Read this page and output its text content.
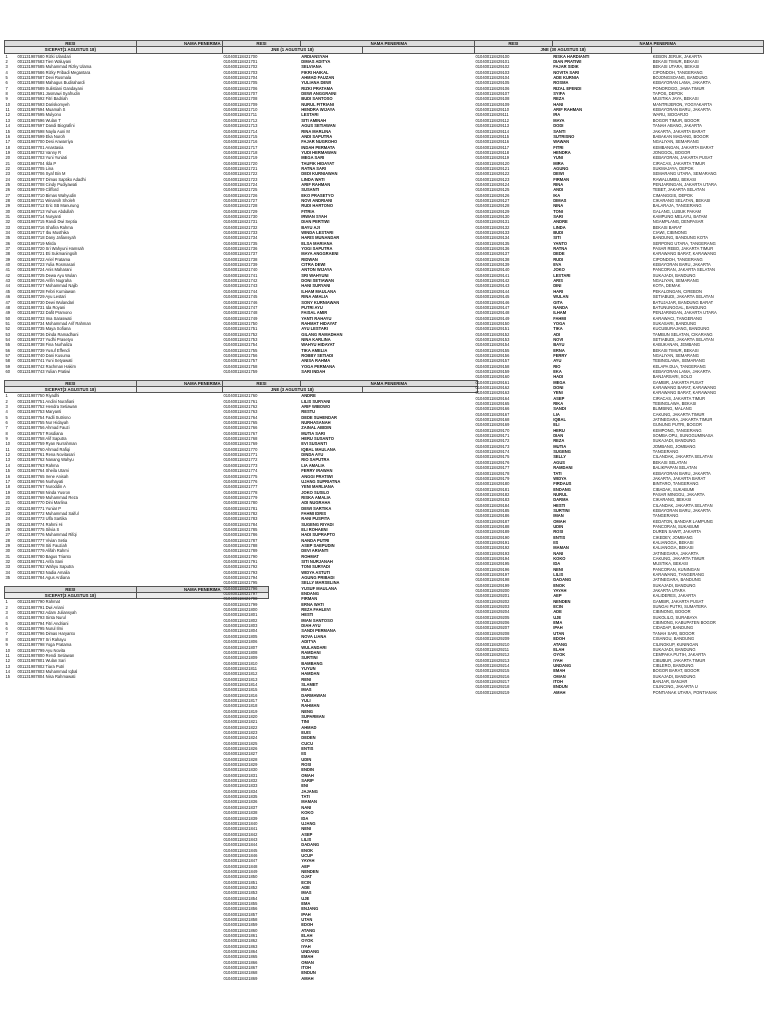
RESI		NAMA PENERIMA
SICEPAT(1 AGUSTUS 18)		
1	001131987680 Rizki Ulandari	
2	001131987683 Tien Waluyani	
3	001131987685 Muhammad Rizky Ulama	
4	001131987686 Rizky Pribadi Megantara	
5	001131987687 Devi Rusmala	
6	001131987688 Mahagus Budirahardi	
7	001131987689 Sulistiani Gandayani	
8	001131987691 Jasmawi Syafrudin	
9	001131987692 Fitri Badriah	
10	001131987693 Dariskomyeh	
11	001131987694 Muamah S	
12	001131987695 Mulyono	
13	001131987696 Wulan T	
14	001131987697 Dandi Biografini	
15	001131987698 Nayla Auni M	
16	001131987699 Eka Nuroh	
17	001131987700 Desi Anwarriya	
18	001131987701 Anastasia	
19	001131987702 Vanny R	
20	001131987703 Yuni Yuniati	
21	001131987704 Ilda P	
22	001131987705 Lina	
23	001131987706 Syaf Bin M	
24	001131987707 Dimas Saptiko Adadhi	
25	001131987708 Cindy Pudiyawati	
26	001131987709 Clifford	
27	001131987710 Bimas Wahyudin	
28	001131987711 Winarsih Sholeh	
29	001131987712 Eric SB Manurung	
30	001131987713 Yuhus Abdullah	
31	001131987714 Nuryanti	
32	001131987715 Randi Dwi Septia	
33	001131987716 Shafira Rahma	
34	001131987717 Ibu Musthika	
35	001131987718 Dany Jafiansyah	
36	001131987719 Mirda	
37	001131987720 Sri Wahyuni Hamsah	
38	001131987721 Eti Sukmaningsih	
39	001131987722 Ariel Pratama	
40	001131987723 Yulia Rosmasari	
41	001131987724 Anis Maharani	
42	001131987725 Dewa Ayu Wulan	
43	001131987726 Arifin Nugraha	
44	001131987727 Mohammad Najib	
45	001131987728 Febri Kurniawan	
46	001131987729 Ayu Lestari	
47	001131987730 Dewi Wulandari	
48	001131987731 Ida Royani	
49	001131987732 Dafit Pramono	
50	001131987733 Ima Saraswati	
51	001131987734 Mohammad Arif Rahman	
52	001131987735 Maya Sofiana	
53	001131987736 Dinda Ramadhani	
54	001131987737 Yudhi Prasetyo	
55	001131987738 Fina Nurhaliza	
56	001131987739 Yusuf Effendi	
57	001131987740 Dani Kusuma	
58	001131987741 Yuni Setyawati	
59	001131987742 Rachman Hakim	
60	001131987743 Yulian Pratiwi	

RESI		NAMA PENERIMA
SICEPAT(3 AGUSTUS 18)		
1	001131987750 Riyadhi	
2	001131987751 Andini Nurafiani	
3	001131987752 Hendra Setiawan	
4	001131987753 Maryanti	
5	001131987754 Fadli Sutrisno	
6	001131987755 Nur Hidayah	
7	001131987756 Ahmad Fauzi	
8	001131987757 Rosdiana	
9	001131987758 Alif Saputra	
10	001131987759 Ryan Nurrahman	
11	001131987760 Ahmad Rafiqi	
12	001131987761 Rena Novitasari	
13	001131987762 Nanang Wahyu	
14	001131987763 Rahma	
15	001131987764 Sheila Utami	
16	001131987765 Irene Anisah	
17	001131987766 Nurhayati	
18	001131987767 Nuroddin A	
19	001131987768 Ninda Yusron	
20	001131987769 Muhammad Reza	
21	001131987770 Dini Marlina	
22	001131987771 Yuniar P	
23	001131987772 Muhammad Saiful	
24	001131987773 Ulfa Sartika	
25	001131987774 Rahmi Hi	
26	001131987775 Silvia S	
27	001131987776 Muhammad Rifqi	
28	001131987777 Vivian Setia	
29	001131987778 Siti Fauziah	
30	001131987779 Alifah Rahmi	
31	001131987780 Bagus Trianto	
32	001131987781 Arifa Sani	
33	001131987782 Wahyu Saputra	
34	001131987783 Nadia Amalia	
35	001131987784 Agus Ardiana	

RESI		NAMA PENERIMA
SICEPAT(3 AGUSTUS 18)		
1	001131987790 Rahmat	
2	001131987791 Dwi Ariani	
3	001131987792 Adam Juliansyah	
4	001131987793 Sinta Nurul	
5	001131987794 Fitri Andriani	
6	001131987795 Nurul Ilmi	
7	001131987796 Dimas Haryanto	
8	001131987797 Sri Rahayu	
9	001131987798 Yoga Pratama	
10	001131987799 Ayu Novita	
11	001131987800 Rendi Setiawan	
12	001131987801 Wulan Sari	
13	001131987802 Tiara Putri	
14	001131987803 Muhammad Iqbal	
15	001131987804 Nisa Rahmawati	
RESI	NAMA PENERIMA	
JNE (1 AGUSTUS 18)		
010400118421700	ARDIANSYAH	
010400118421701	DIMAS ADITYA	
010400118421702	SELVIANA	
010400118421703	FIKRI HAIKAL	
010400118421704	AHMAD FAUZAN	
010400118421705	YULIANA DEWI	
010400118421706	RIZKI PRATAMA	
010400118421707	DEWI ANGGRAINI	
010400118421708	BUDI SANTOSO	
010400118421709	NURUL FITRIANI	
010400118421710	HENDRA WIJAYA	
010400118421711	LESTARI	
010400118421712	SITI AMINAH	
010400118421713	AGUS SETIAWAN	
010400118421714	RINA MARLINA	
010400118421715	ANDI SAPUTRA	
010400118421716	FAJAR NUGROHO	
010400118421717	INDAH PERMATA	
010400118421718	YUDI HERMAWAN	
010400118421719	MEGA SARI	
010400118421720	TAUFIK HIDAYAT	
010400118421721	RATNA SARI	
010400118421722	DEDI KURNIAWAN	
010400118421723	LINDA WATI	
010400118421724	ARIF RAHMAN	
010400118421725	SUSANTI	
010400118421726	EKO PRASETYO	
010400118421727	NOVI ANDRIANI	
010400118421728	RUDI HARTONO	
010400118421729	FITRIA	
010400118421730	IRWAN SYAH	
010400118421731	DIAN PERTIWI	
010400118421732	BAYU AJI	
010400118421733	WINDA LESTARI	
010400118421734	HARIS MUNANDAR	
010400118421735	ELSA MARIANA	
010400118421736	YOGI SAPUTRA	
010400118421737	MAYA ANGGRAENI	
010400118421738	RIDWAN	
010400118421739	CITRA DEWI	
010400118421740	ANTON WIJAYA	
010400118421741	SRI WAHYUNI	
010400118421742	DONI SETIAWAN	
010400118421743	HANI SURYANI	
010400118421744	ILHAM MAULANA	
010400118421745	RINA AMALIA	
010400118421746	SONY KURNIAWAN	
010400118421747	PUTRI AYU	
010400118421748	FAISAL AMIR	
010400118421749	YANTI RAHAYU	
010400118421750	RAHMAT HIDAYAT	
010400118421751	AYU LESTARI	
010400118421752	GILANG RAMADHAN	
010400118421753	NINA KARLINA	
010400118421754	WAHYU HIDAYAT	
010400118421755	TIKA AMELIA	
010400118421756	ROBBY SETIADI	
010400118421757	ANISA RAHMA	
010400118421758	YOGA PERMANA	
010400118421759	SARI INDAH	

RESI	NAMA PENERIMA	
JNE (3 AGUSTUS 18)		
010400118421760	ANDRE	
010400118421761	LILIS SURYANI	
010400118421762	ARIF WIBOWO	
010400118421763	RESTU	
010400118421764	DEDE SUHENDAR	
010400118421765	NURHASANAH	
010400118421766	ZAINAL ABIDIN	
010400118421767	MUTIA SARI	
010400118421768	HERU SUSANTO	
010400118421769	EVI SUSANTI	
010400118421770	IQBAL MAULANA	
010400118421771	DINDA AYU	
010400118421772	RIO SAPUTRA	
010400118421773	LIA AMALIA	
010400118421774	FERRY IRAWAN	
010400118421775	ANGGI PRATIWI	
010400118421776	UJANG SUPRIATNA	
010400118421777	YENI MARLIANA	
010400118421778	JOKO SUSILO	
010400118421779	RISKA AMALIA	
010400118421780	ADI NUGRAHA	
010400118421781	DEWI SARTIKA	
010400118421782	FAHMI IDRIS	
010400118421783	RANI PUSPITA	
010400118421784	SUGENG RIYADI	
010400118421785	ELI ROHAENI	
010400118421786	HADI SUPRAPTO	
010400118421787	NANDA PUTRI	
010400118421788	ASEP SAEPUDIN	
010400118421789	DEVI ARIANTI	
010400118421790	ROHMAT	
010400118421791	SITI NURJANAH	
010400118421792	TONI SURYADI	
010400118421793	WIDYA ASTUTI	
010400118421794	AGUNG PRIBADI	
010400118421795	SELLY MARSELINA	
010400118421796	YUSUF MAULANA	
010400118421797	ENDANG	
010400118421798	FIRMAN	
010400118421799	ERNA WATI	
010400118421800	REZA FAHLEVI	
010400118421801	HESTI	
010400118421802	IMAN SANTOSO	
010400118421803	DIAH AYU	
010400118421804	SANDI PERMANA	
010400118421805	NOVA LIANA	
010400118421806	ADITYA	
010400118421807	WULANDARI	
010400118421808	RAMDANI	
010400118421809	SURTINI	
010400118421810	BAMBANG	
010400118421811	YUYUN	
010400118421812	HAMDAN	
010400118421813	RENI	
010400118421814	SLAMET	
010400118421815	IMAS	
010400118421816	DARMAWAN	
010400118421817	YULI	
010400118421818	RAHMAN	
010400118421819	NENG	
010400118421820	SUPARMAN	
010400118421821	TINI	
010400118421822	AHMAD	
010400118421823	EUIS	
010400118421824	DEDEN	
010400118421825	CUCU	
010400118421826	ENTIS	
010400118421827	IIS	
010400118421828	UDIN	
010400118421829	ROSI	
010400118421830	ENDIN	
010400118421831	OMAH	
010400118421832	SARIP	
010400118421833	ENI	
010400118421834	JAJANG	
010400118421835	TATI	
010400118421836	MAMAN	
010400118421837	NANI	
010400118421838	KOKO	
010400118421839	IDA	
010400118421840	UJANG	
010400118421841	NENI	
010400118421842	ASEP	
010400118421843	LILIS	
010400118421844	DADANG	
010400118421845	ENOK	
010400118421846	UCUP	
010400118421847	YAYAH	
010400118421848	AEP	
010400118421849	NENDEN	
010400118421850	OJAT	
010400118421851	ECIN	
010400118421852	ADE	
010400118421853	IMAS	
010400118421854	UJE	
010400118421855	EMA	
010400118421856	ENJANG	
010400118421857	IPAH	
010400118421858	UTAN	
010400118421859	EDOH	
010400118421860	ATANG	
010400118421861	ELAH	
010400118421862	OYOK	
010400118421863	IYAH	
010400118421864	UNDANG	
010400118421865	EMAH	
010400118421866	OMAN	
010400118421867	ITOH	
010400118421868	ENDUN	
010400118421869	AMAH	
RESI	NAMA PENERIMA	
JNE (30 AGUSTUS 18)		
010400118429100	RISKA HARDIANTI	KEBON JERUK, JAKARTA
010400118429101	DIAN PRATIWI	BEKASI TIMUR, BEKASI
010400118429102	FAJAR SIDIK	BEKASI UTARA, BEKASI
010400118429103	NOVITA SARI	CIPONDOH, TANGERANG
010400118429104	ADE KURNIA	BOJONGSOANG, BANDUNG
010400118429105	ROSMA	KEBAYORAN LAMA, JAKARTA
010400118429106	RIZAL EFENDI	PONOROGO, JAWA TIMUR
010400118429107	SYIFA	TAPOS, DEPOK
010400118429108	REZA	MUSTIKA JAYA, BEKASI
010400118429109	HANI	MANTRIJERON, YOGYAKARTA
010400118429110	ARIF RAHMAN	KEBAYORAN BARU, JAKARTA
010400118429111	IRA	WARU, SIDOARJO
010400118429112	MAYA	BOGOR TIMUR, BOGOR
010400118429113	DODI	TANAH ABANG, JAKARTA
010400118429114	SANTI	JAKARTA, JAKARTA BARAT
010400118429115	SUTRISNO	BABAKAN MADANG, BOGOR
010400118429116	WAWAN	NGALIYAN, SEMARANG
010400118429117	FITRI	KEMBANGAN, JAKARTA BARAT
010400118429118	HENDRA	JONGGOL, BOGOR
010400118429119	YUNI	KEBAYORAN, JAKARTA PUSAT
010400118429120	MIRA	CIRACAS, JAKARTA TIMUR
010400118429121	AGUNG	SUKMAJAYA, DEPOK
010400118429122	DEWI	SEMARANG UTARA, SEMARANG
010400118429123	FIRMAN	RAWALUMBU, BEKASI
010400118429124	RINA	PENJARINGAN, JAKARTA UTARA
010400118429125	ANDI	TEBET, JAKARTA SELATAN
010400118429126	IKA	CIMANGGIS, DEPOK
010400118429127	DIMAS	CIKARANG SELATAN, BEKASI
010400118429128	NINA	BALARAJA, TANGERANG
010400118429129	TONI	GALANG, LUBUK PAKAM
010400118429130	SARI	KAMPUNG MELAYU, BATAM
010400118429131	ANDRE	NGAMPLANG, DENPASAR
010400118429132	LINDA	BEKASI BARAT
010400118429133	BUDI	CIAWI, CIBINONG
010400118429134	SITI	BANDUNG, BANDUNG KOTA
010400118429135	YANTO	SERPONG UTARA, TANGERANG
010400118429136	RATNA	PASAR REBO, JAKARTA TIMUR
010400118429137	DEDE	KARAWANG BARAT, KARAWANG
010400118429138	RUDI	CIPONDOH, TANGERANG
010400118429139	EVA	KEBAYORAN BARU, JAKARTA
010400118429140	JOKO	PANCORAN, JAKARTA SELATAN
010400118429141	LESTARI	SUKAJADI, BANDUNG
010400118429142	ARIS	NGALIYAN, SEMARANG
010400118429143	DINI	KOTA, DEMAK
010400118429144	HARI	PEKALONGAN, CIREBON
010400118429145	WULAN	SETIABUDI, JAKARTA SELATAN
010400118429146	GITA	BATUJAJAR, BANDUNG BARAT
010400118429147	NANDA	BATUNUNGGAL, BANDUNG
010400118429148	ILHAM	PENJARINGAN, JAKARTA UTARA
010400118429149	FAHMI	KARAWACI, TANGERANG
010400118429150	YOGA	SUKASARI, BANDUNG
010400118429151	TIKA	KUCUBURAJANG, BANDUNG
010400118429152	ADI	TAMBUN SELATAN, CIKARANG
010400118429153	NOVI	SETIABUDI, JAKARTA SELATAN
010400118429154	BAYU	KABUKANAN, JEMBANG
010400118429155	ERNA	BEKASI TIMUR, BEKASI
010400118429156	FERRY	NGALIYAN, SEMARANG
010400118429157	AYU	TEBINGLAWA, SEMARANG
010400118429158	RIO	KELAPA DUA, TANGERANG
010400118429159	EKA	KEBAYORAN LAMA, JAKARTA
010400118429160	HADI	BANJARSARI, SOLO
010400118429161	MEGA	GAMBIR, JAKARTA PUSAT
010400118429162	DONI	KARAWANG BARAT, KARAWANG
010400118429163	YENI	KARAWANG BARAT, KARAWANG
010400118429164	ASEP	CIRACAS, JAKARTA TIMUR
010400118429165	RIKA	TEBINGLAWA, BEKASI
010400118429166	SANDI	BLIMBING, MALANG
010400118429167	LIA	CAKUNG, JAKARTA TIMUR
010400118429168	IQBAL	JATINEGARA, JAKARTA TIMUR
010400118429169	ELI	GUNUNG PUTRI, BOGOR
010400118429170	HERU	KEMPONG, TANGERANG
010400118429171	DIAN	SOMBA OPU, SUNGGUMINASA
010400118429172	REZA	SUKAJADI, BANDUNG
010400118429173	MUTIA	JOMBANG, JOMBANG
010400118429174	SUGENG	TANGERANG
010400118429175	SELLY	CILANDAK, JAKARTA SELATAN
010400118429176	AGUS	BEKASI SELATAN
010400118429177	RAMDANI	BALIKPAPAN SELATAN
010400118429178	TATI	KEBAYORAN BARU, JAKARTA
010400118429179	WIDYA	JAKARTA, JAKARTA BARAT
010400118429180	FIRDAUS	BINTARO, TANGERANG
010400118429181	ENDANG	CIBADAK, SUKABUMI
010400118429182	NURUL	PASAR MINGGU, JAKARTA
010400118429183	DARMA	CIKARANG, BEKASI
010400118429184	HESTI	CILANDAK, JAKARTA SELATAN
010400118429185	SURTINI	KEBAYORAN BARU, JAKARTA
010400118429186	IMAN	TANGERANG
010400118429187	OMAH	KEDATON, BANDAR LAMPUNG
010400118429188	UDIN	PANCORAN, SUKABUMI
010400118429189	ROSI	DUREN SAWIT, JAKARTA
010400118429190	ENTIS	CIKEDEY, JOMBANG
010400118429191	IIS	KALIANGGA, BEKASI
010400118429192	MAMAN	KALIANGGA, BEKASI
010400118429193	NANI	JATINEGARA, JAKARTA
010400118429194	KOKO	CAKUNG, JAKARTA TIMUR
010400118429195	IDA	MUSTIKA, BEKASI
010400118429196	NENI	PANCORAN, KUNINGAN
010400118429197	LILIS	KARAWANG, TANGERANG
010400118429198	DADANG	JATINEGARA, BANDUNG
010400118429199	ENOK	SUKAJADI, BANDUNG
010400118429200	YAYAH	JAKARTA UTARA
010400118429201	AEP	KALIDERES, JAKARTA
010400118429202	NENDEN	GAMBIR, JAKARTA PUSAT
010400118429203	ECIN	SUNGAI PUTRI, SUMATERA
010400118429204	ADE	CIBINONG, BOGOR
010400118429205	UJE	SUKOLILO, SURABAYA
010400118429206	EMA	CIBINONG, KABUPATEN BOGOR
010400118429207	IPAH	CIDADAP, BANDUNG
010400118429208	UTAN	TANAH SARI, BOGOR
010400118429209	EDOH	CISANGU, BANDUNG
010400118429210	ATANG	CILINGKUP, KUNINGAN
010400118429211	ELAH	SUKAJADI, BANDUNG
010400118429212	OYOK	CEMPAKA PUTIH, JAKARTA
010400118429213	IYAH	CIBUBUR, JAKARTA TIMUR
010400118429214	UNDANG	CIBLERO, BANDUNG
010400118429215	EMAH	BOGOR BARAT, BOGOR
010400118429216	OMAN	SUKAJADI, BANDUNG
010400118429217	ITOH	BANJAR, BANJAR
010400118429218	ENDUN	CILINCING, JAKARTA U
010400118429219	AMAH	PONTIANAK UTARA, PONTIANAK
